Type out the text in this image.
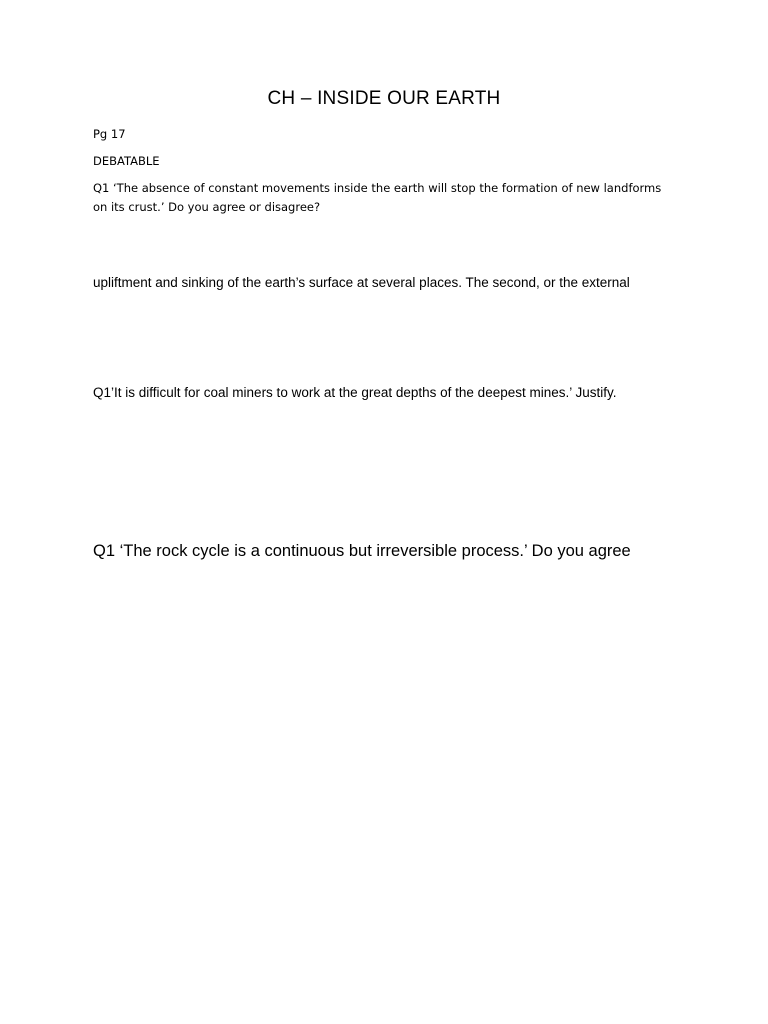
CH – INSIDE OUR EARTH
Pg 17
DEBATABLE
Q1 ‘The absence of constant movements inside the earth will stop the formation of new landforms
on its crust.’ Do you agree or disagree?
upliftment and sinking of the earth’s surface at several places. The second, or the external
Q1’It is difficult for coal miners to work at the great depths of the deepest mines.’ Justify.
Q1 ‘The rock cycle is a continuous but irreversible process.’ Do you agree
